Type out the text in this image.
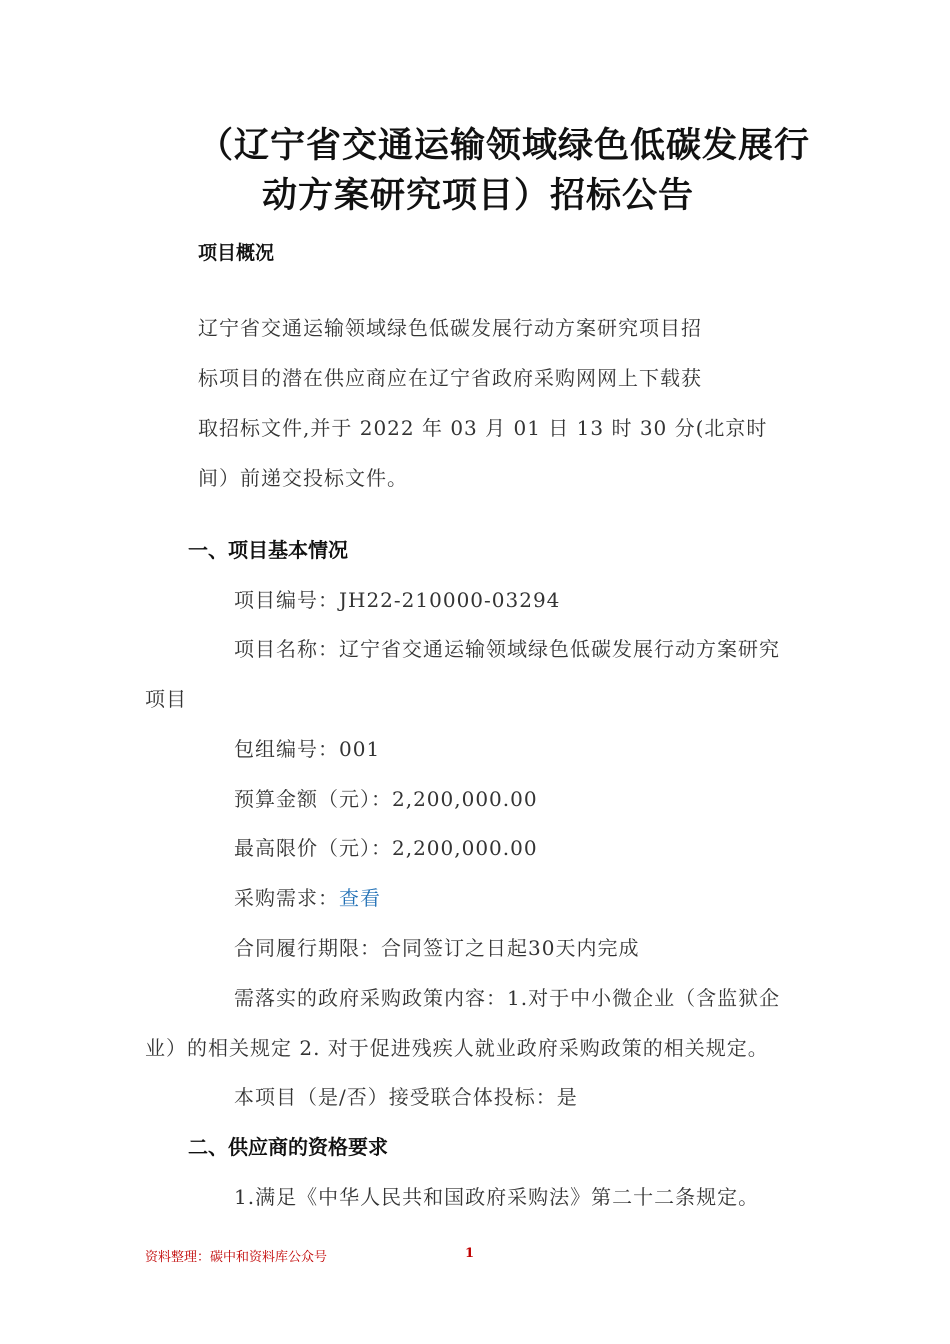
（辽宁省交通运输领域绿色低碳发展行
动方案研究项目）招标公告
项目概况
辽宁省交通运输领域绿色低碳发展行动方案研究项目招
标项目的潜在供应商应在辽宁省政府采购网网上下载获
取招标文件,并于 2022 年 03 月 01 日 13 时 30 分(北京时
间）前递交投标文件。
一、项目基本情况
项目编号：JH22-210000-03294
项目名称：辽宁省交通运输领域绿色低碳发展行动方案研究
项目
包组编号：001
预算金额（元）：2,200,000.00
最高限价（元）：2,200,000.00
采购需求：查看
合同履行期限：合同签订之日起30天内完成
需落实的政府采购政策内容：1.对于中小微企业（含监狱企
业）的相关规定 2. 对于促进残疾人就业政府采购政策的相关规定。
本项目（是/否）接受联合体投标：是
二、供应商的资格要求
1.满足《中华人民共和国政府采购法》第二十二条规定。
资料整理：碳中和资料库公众号	1
